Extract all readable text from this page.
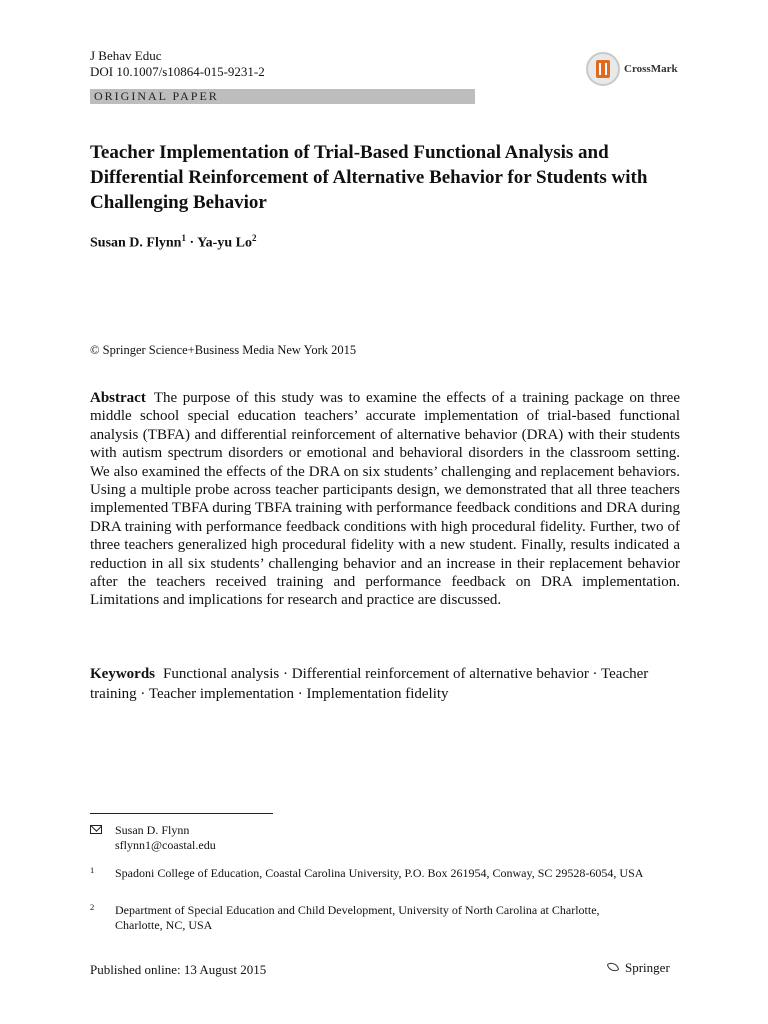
J Behav Educ
DOI 10.1007/s10864-015-9231-2	CrossMark
ORIGINAL PAPER
Teacher Implementation of Trial-Based Functional Analysis and Differential Reinforcement of Alternative Behavior for Students with Challenging Behavior
Susan D. Flynn$^1$ · Ya-yu Lo$^2$
© Springer Science+Business Media New York 2015

Abstract The purpose of this study was to examine the effects of a training package on three middle school special education teachers’ accurate implementation of trial-based functional analysis (TBFA) and differential reinforcement of alternative behavior (DRA) with their students with autism spectrum disorders or emotional and behavioral disorders in the classroom setting. We also examined the effects of the DRA on six students’ challenging and replacement behaviors. Using a multiple probe across teacher participants design, we demonstrated that all three teachers implemented TBFA during TBFA training with performance feedback conditions and DRA during DRA training with performance feedback conditions with high procedural fidelity. Further, two of three teachers generalized high procedural fidelity with a new student. Finally, results indicated a reduction in all six students’ challenging behavior and an increase in their replacement behavior after the teachers received training and performance feedback on DRA implementation. Limitations and implications for research and practice are discussed.

Keywords Functional analysis · Differential reinforcement of alternative behavior · Teacher training · Teacher implementation · Implementation fidelity

Susan D. Flynn
sflynn1@coastal.edu
1 Spadoni College of Education, Coastal Carolina University, P.O. Box 261954, Conway, SC 29528-6054, USA
2 Department of Special Education and Child Development, University of North Carolina at Charlotte, Charlotte, NC, USA
Published online: 13 August 2015	Springer
